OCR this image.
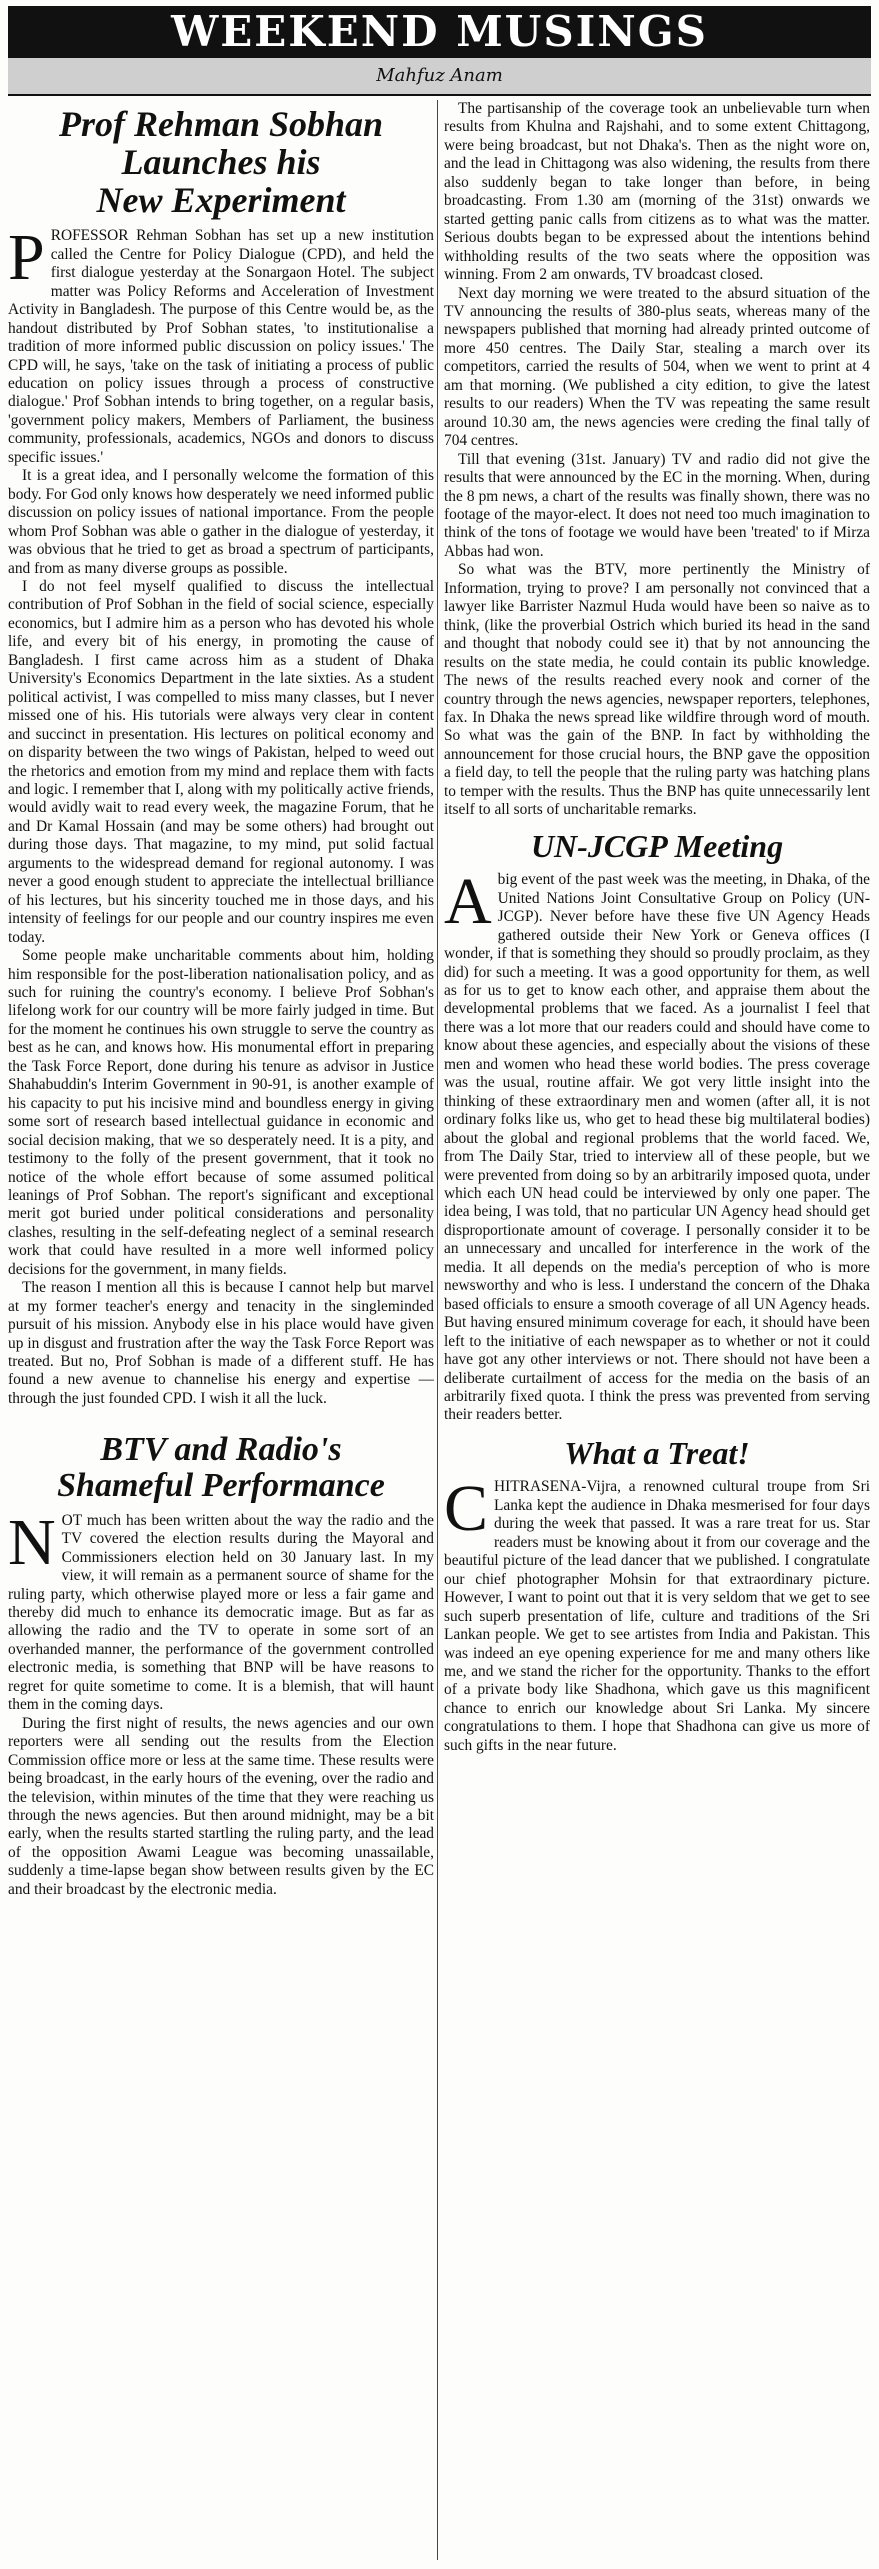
WEEKEND MUSINGS
Mahfuz Anam
Prof Rehman Sobhan
Launches his
New Experiment

PROFESSOR Rehman Sobhan has set up a new institution called the Centre for Policy Dialogue (CPD), and held the first dialogue yesterday at the Sonargaon Hotel. The subject matter was Policy Reforms and Acceleration of Investment Activity in Bangladesh. The purpose of this Centre would be, as the handout distributed by Prof Sobhan states, 'to institutionalise a tradition of more informed public discussion on policy issues.' The CPD will, he says, 'take on the task of initiating a process of public education on policy issues through a process of constructive dialogue.' Prof Sobhan intends to bring together, on a regular basis, 'government policy makers, Members of Parliament, the business community, professionals, academics, NGOs and donors to discuss specific issues.'

It is a great idea, and I personally welcome the formation of this body. For God only knows how desperately we need informed public discussion on policy issues of national importance. From the people whom Prof Sobhan was able o gather in the dialogue of yesterday, it was obvious that he tried to get as broad a spectrum of participants, and from as many diverse groups as possible.

I do not feel myself qualified to discuss the intellectual contribution of Prof Sobhan in the field of social science, especially economics, but I admire him as a person who has devoted his whole life, and every bit of his energy, in promoting the cause of Bangladesh. I first came across him as a student of Dhaka University's Economics Department in the late sixties. As a student political activist, I was compelled to miss many classes, but I never missed one of his. His tutorials were always very clear in content and succinct in presentation. His lectures on political economy and on disparity between the two wings of Pakistan, helped to weed out the rhetorics and emotion from my mind and replace them with facts and logic. I remember that I, along with my politically active friends, would avidly wait to read every week, the magazine Forum, that he and Dr Kamal Hossain (and may be some others) had brought out during those days. That magazine, to my mind, put solid factual arguments to the widespread demand for regional autonomy. I was never a good enough student to appreciate the intellectual brilliance of his lectures, but his sincerity touched me in those days, and his intensity of feelings for our people and our country inspires me even today.

Some people make uncharitable comments about him, holding him responsible for the post-liberation nationalisation policy, and as such for ruining the country's economy. I believe Prof Sobhan's lifelong work for our country will be more fairly judged in time. But for the moment he continues his own struggle to serve the country as best as he can, and knows how. His monumental effort in preparing the Task Force Report, done during his tenure as advisor in Justice Shahabuddin's Interim Government in 90-91, is another example of his capacity to put his incisive mind and boundless energy in giving some sort of research based intellectual guidance in economic and social decision making, that we so desperately need. It is a pity, and testimony to the folly of the present government, that it took no notice of the whole effort because of some assumed political leanings of Prof Sobhan. The report's significant and exceptional merit got buried under political considerations and personality clashes, resulting in the self-defeating neglect of a seminal research work that could have resulted in a more well informed policy decisions for the government, in many fields.

The reason I mention all this is because I cannot help but marvel at my former teacher's energy and tenacity in the singleminded pursuit of his mission. Anybody else in his place would have given up in disgust and frustration after the way the Task Force Report was treated. But no, Prof Sobhan is made of a different stuff. He has found a new avenue to channelise his energy and expertise — through the just founded CPD. I wish it all the luck.

BTV and Radio's
Shameful Performance

NOT much has been written about the way the radio and the TV covered the election results during the Mayoral and Commissioners election held on 30 January last. In my view, it will remain as a permanent source of shame for the ruling party, which otherwise played more or less a fair game and thereby did much to enhance its democratic image. But as far as allowing the radio and the TV to operate in some sort of an overhanded manner, the performance of the government controlled electronic media, is something that BNP will be have reasons to regret for quite sometime to come. It is a blemish, that will haunt them in the coming days.

During the first night of results, the news agencies and our own reporters were all sending out the results from the Election Commission office more or less at the same time. These results were being broadcast, in the early hours of the evening, over the radio and the television, within minutes of the time that they were reaching us through the news agencies. But then around midnight, may be a bit early, when the results started startling the ruling party, and the lead of the opposition Awami League was becoming unassailable, suddenly a time-lapse began show between results given by the EC and their broadcast by the electronic media.

The partisanship of the coverage took an unbelievable turn when results from Khulna and Rajshahi, and to some extent Chittagong, were being broadcast, but not Dhaka's. Then as the night wore on, and the lead in Chittagong was also widening, the results from there also suddenly began to take longer than before, in being broadcasting. From 1.30 am (morning of the 31st) onwards we started getting panic calls from citizens as to what was the matter. Serious doubts began to be expressed about the intentions behind withholding results of the two seats where the opposition was winning. From 2 am onwards, TV broadcast closed.

Next day morning we were treated to the absurd situation of the TV announcing the results of 380-plus seats, whereas many of the newspapers published that morning had already printed outcome of more 450 centres. The Daily Star, stealing a march over its competitors, carried the results of 504, when we went to print at 4 am that morning. (We published a city edition, to give the latest results to our readers) When the TV was repeating the same result around 10.30 am, the news agencies were creding the final tally of 704 centres.

Till that evening (31st. January) TV and radio did not give the results that were announced by the EC in the morning. When, during the 8 pm news, a chart of the results was finally shown, there was no footage of the mayor-elect. It does not need too much imagination to think of the tons of footage we would have been 'treated' to if Mirza Abbas had won.

So what was the BTV, more pertinently the Ministry of Information, trying to prove? I am personally not convinced that a lawyer like Barrister Nazmul Huda would have been so naive as to think, (like the proverbial Ostrich which buried its head in the sand and thought that nobody could see it) that by not announcing the results on the state media, he could contain its public knowledge. The news of the results reached every nook and corner of the country through the news agencies, newspaper reporters, telephones, fax. In Dhaka the news spread like wildfire through word of mouth. So what was the gain of the BNP. In fact by withholding the announcement for those crucial hours, the BNP gave the opposition a field day, to tell the people that the ruling party was hatching plans to temper with the results. Thus the BNP has quite unnecessarily lent itself to all sorts of uncharitable remarks.

UN-JCGP Meeting

Abig event of the past week was the meeting, in Dhaka, of the United Nations Joint Consultative Group on Policy (UN-JCGP). Never before have these five UN Agency Heads gathered outside their New York or Geneva offices (I wonder, if that is something they should so proudly proclaim, as they did) for such a meeting. It was a good opportunity for them, as well as for us to get to know each other, and appraise them about the developmental problems that we faced. As a journalist I feel that there was a lot more that our readers could and should have come to know about these agencies, and especially about the visions of these men and women who head these world bodies. The press coverage was the usual, routine affair. We got very little insight into the thinking of these extraordinary men and women (after all, it is not ordinary folks like us, who get to head these big multilateral bodies) about the global and regional problems that the world faced. We, from The Daily Star, tried to interview all of these people, but we were prevented from doing so by an arbitrarily imposed quota, under which each UN head could be interviewed by only one paper. The idea being, I was told, that no particular UN Agency head should get disproportionate amount of coverage. I personally consider it to be an unnecessary and uncalled for interference in the work of the media. It all depends on the media's perception of who is more newsworthy and who is less. I understand the concern of the Dhaka based officials to ensure a smooth coverage of all UN Agency heads. But having ensured minimum coverage for each, it should have been left to the initiative of each newspaper as to whether or not it could have got any other interviews or not. There should not have been a deliberate curtailment of access for the media on the basis of an arbitrarily fixed quota. I think the press was prevented from serving their readers better.

What a Treat!

CHITRASENA-Vijra, a renowned cultural troupe from Sri Lanka kept the audience in Dhaka mesmerised for four days during the week that passed. It was a rare treat for us. Star readers must be knowing about it from our coverage and the beautiful picture of the lead dancer that we published. I congratulate our chief photographer Mohsin for that extraordinary picture. However, I want to point out that it is very seldom that we get to see such superb presentation of life, culture and traditions of the Sri Lankan people. We get to see artistes from India and Pakistan. This was indeed an eye opening experience for me and many others like me, and we stand the richer for the opportunity. Thanks to the effort of a private body like Shadhona, which gave us this magnificent chance to enrich our knowledge about Sri Lanka. My sincere congratulations to them. I hope that Shadhona can give us more of such gifts in the near future.
